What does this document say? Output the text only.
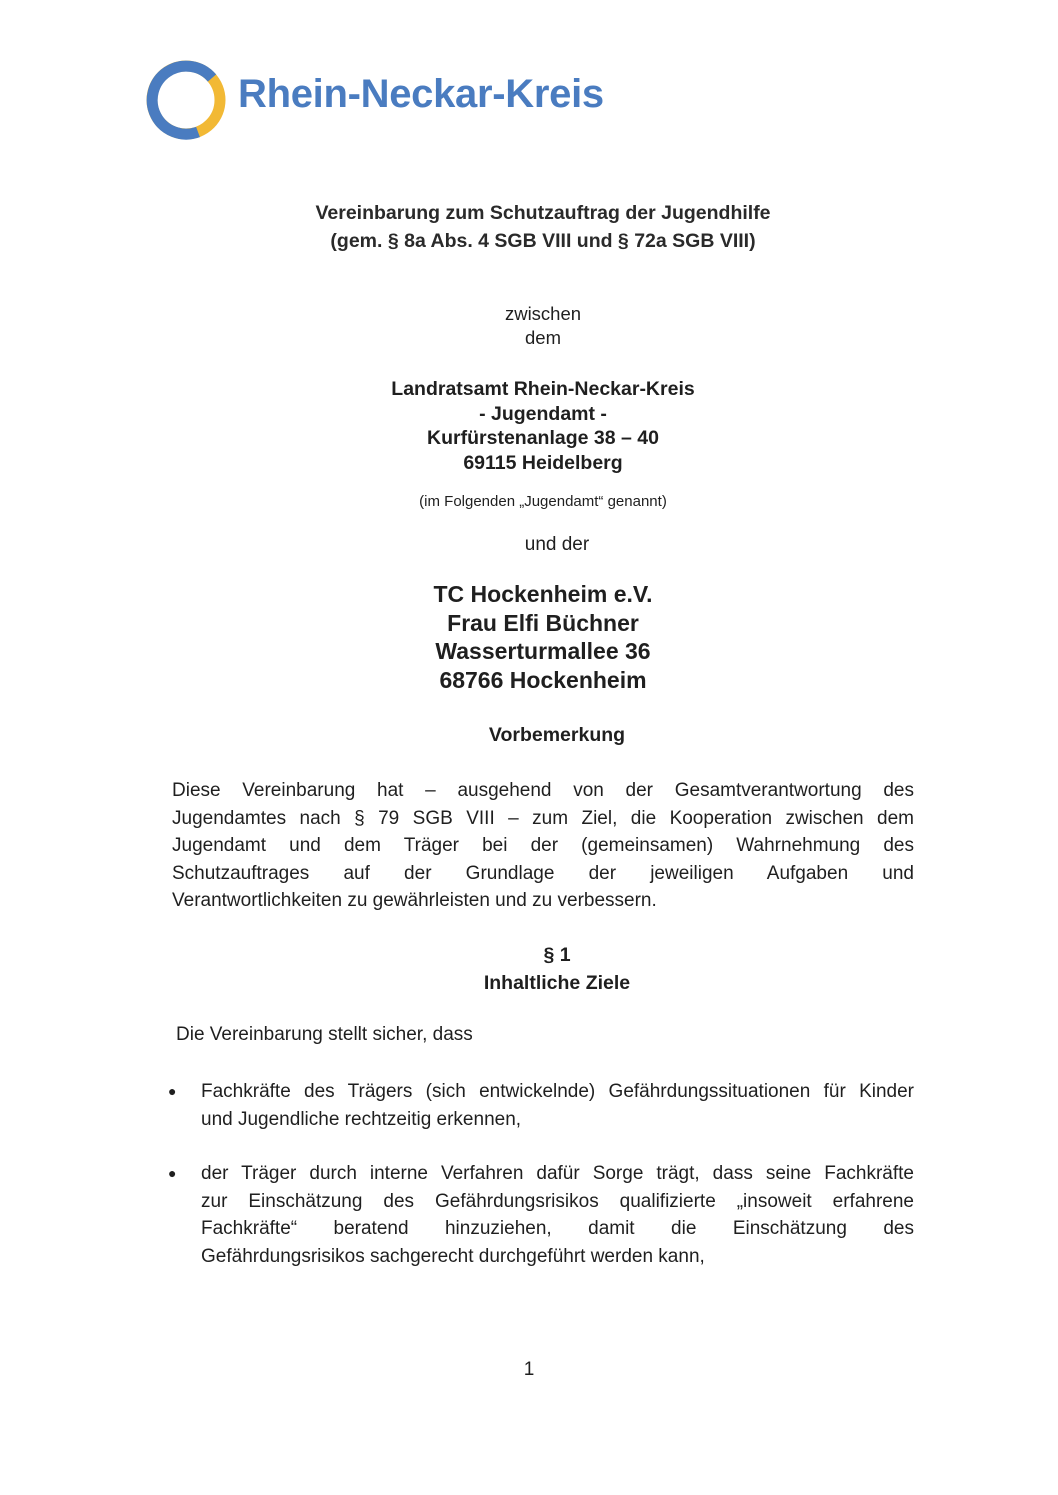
Rhein-Neckar-Kreis
Vereinbarung zum Schutzauftrag der Jugendhilfe
(gem. § 8a Abs. 4 SGB VIII und § 72a SGB VIII)
zwischen
dem
Landratsamt Rhein-Neckar-Kreis
- Jugendamt -
Kurfürstenanlage 38 – 40
69115 Heidelberg
(im Folgenden „Jugendamt“ genannt)
und der
TC Hockenheim e.V.
Frau Elfi Büchner
Wasserturmallee 36
68766 Hockenheim
Vorbemerkung
Diese Vereinbarung hat – ausgehend von der Gesamtverantwortung des
Jugendamtes nach § 79 SGB VIII – zum Ziel, die Kooperation zwischen dem
Jugendamt und dem Träger bei der (gemeinsamen) Wahrnehmung des
Schutzauftrages auf der Grundlage der jeweiligen Aufgaben und
Verantwortlichkeiten zu gewährleisten und zu verbessern.
§ 1
Inhaltliche Ziele
Die Vereinbarung stellt sicher, dass
●	Fachkräfte des Trägers (sich entwickelnde) Gefährdungssituationen für Kinder
und Jugendliche rechtzeitig erkennen,
●	der Träger durch interne Verfahren dafür Sorge trägt, dass seine Fachkräfte
zur Einschätzung des Gefährdungsrisikos qualifizierte „insoweit erfahrene
Fachkräfte“ beratend hinzuziehen, damit die Einschätzung des
Gefährdungsrisikos sachgerecht durchgeführt werden kann,
1
